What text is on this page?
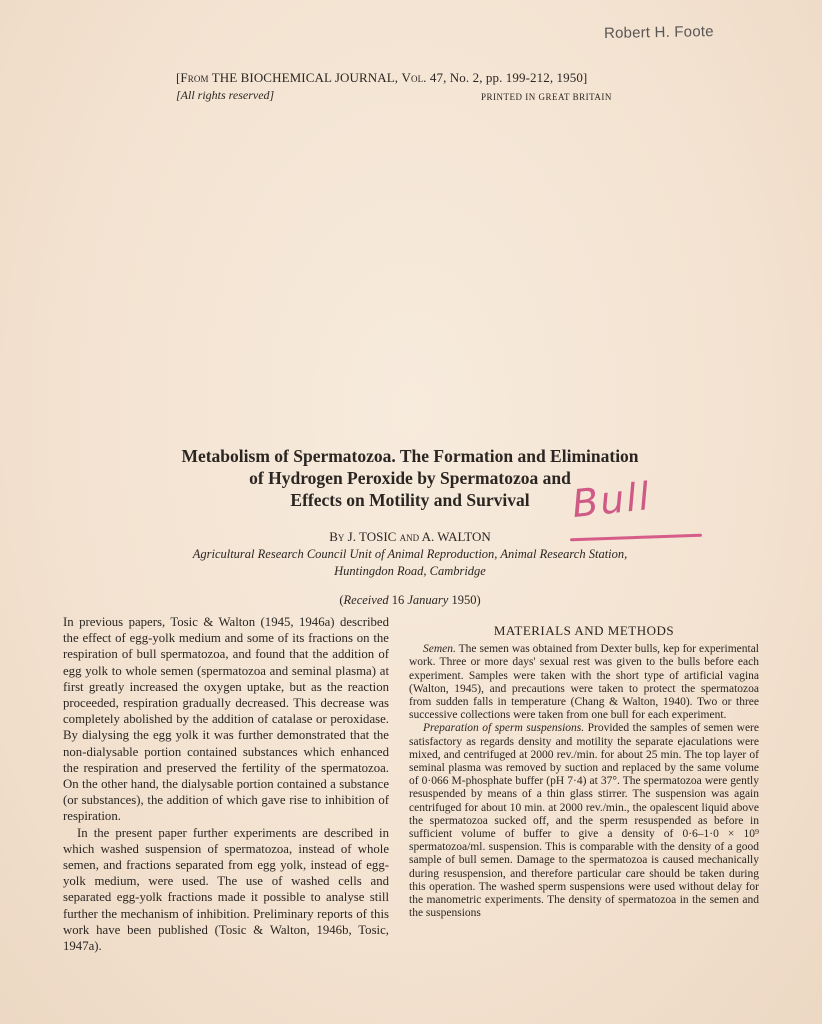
Robert H. Foote
[From THE BIOCHEMICAL JOURNAL, Vol. 47, No. 2, pp. 199-212, 1950]
[All rights reserved]	PRINTED IN GREAT BRITAIN
Metabolism of Spermatozoa. The Formation and Elimination
of Hydrogen Peroxide by Spermatozoa and
Effects on Motility and Survival	Bull
By J. TOSIC and A. WALTON
Agricultural Research Council Unit of Animal Reproduction, Animal Research Station,
Huntingdon Road, Cambridge
(Received 16 January 1950)

In previous papers, Tosic & Walton (1945, 1946a) described the effect of egg-yolk medium and some of its fractions on the respiration of bull spermatozoa, and found that the addition of egg yolk to whole semen (spermatozoa and seminal plasma) at first greatly increased the oxygen uptake, but as the reaction proceeded, respiration gradually decreased. This decrease was completely abolished by the addition of catalase or peroxidase. By dialysing the egg yolk it was further demonstrated that the non-dialysable portion contained substances which enhanced the respiration and preserved the fertility of the spermatozoa. On the other hand, the dialysable portion contained a substance (or substances), the addition of which gave rise to inhibition of respiration.

In the present paper further experiments are described in which washed suspension of spermatozoa, instead of whole semen, and fractions separated from egg yolk, instead of egg-yolk medium, were used. The use of washed cells and separated egg-yolk fractions made it possible to analyse still further the mechanism of inhibition. Preliminary reports of this work have been published (Tosic & Walton, 1946b, Tosic, 1947a).

MATERIALS AND METHODS

Semen. The semen was obtained from Dexter bulls, kep for experimental work. Three or more days' sexual rest was given to the bulls before each experiment. Samples were taken with the short type of artificial vagina (Walton, 1945), and precautions were taken to protect the spermatozoa from sudden falls in temperature (Chang & Walton, 1940). Two or three successive collections were taken from one bull for each experiment.

Preparation of sperm suspensions. Provided the samples of semen were satisfactory as regards density and motility the separate ejaculations were mixed, and centrifuged at 2000 rev./min. for about 25 min. The top layer of seminal plasma was removed by suction and replaced by the same volume of 0·066 M-phosphate buffer (pH 7·4) at 37°. The spermatozoa were gently resuspended by means of a thin glass stirrer. The suspension was again centrifuged for about 10 min. at 2000 rev./min., the opalescent liquid above the spermatozoa sucked off, and the sperm resuspended as before in sufficient volume of buffer to give a density of 0·6–1·0 × 10⁹ spermatozoa/ml. suspension. This is comparable with the density of a good sample of bull semen. Damage to the spermatozoa is caused mechanically during resuspension, and therefore particular care should be taken during this operation. The washed sperm suspensions were used without delay for the manometric experiments. The density of spermatozoa in the semen and the suspensions
